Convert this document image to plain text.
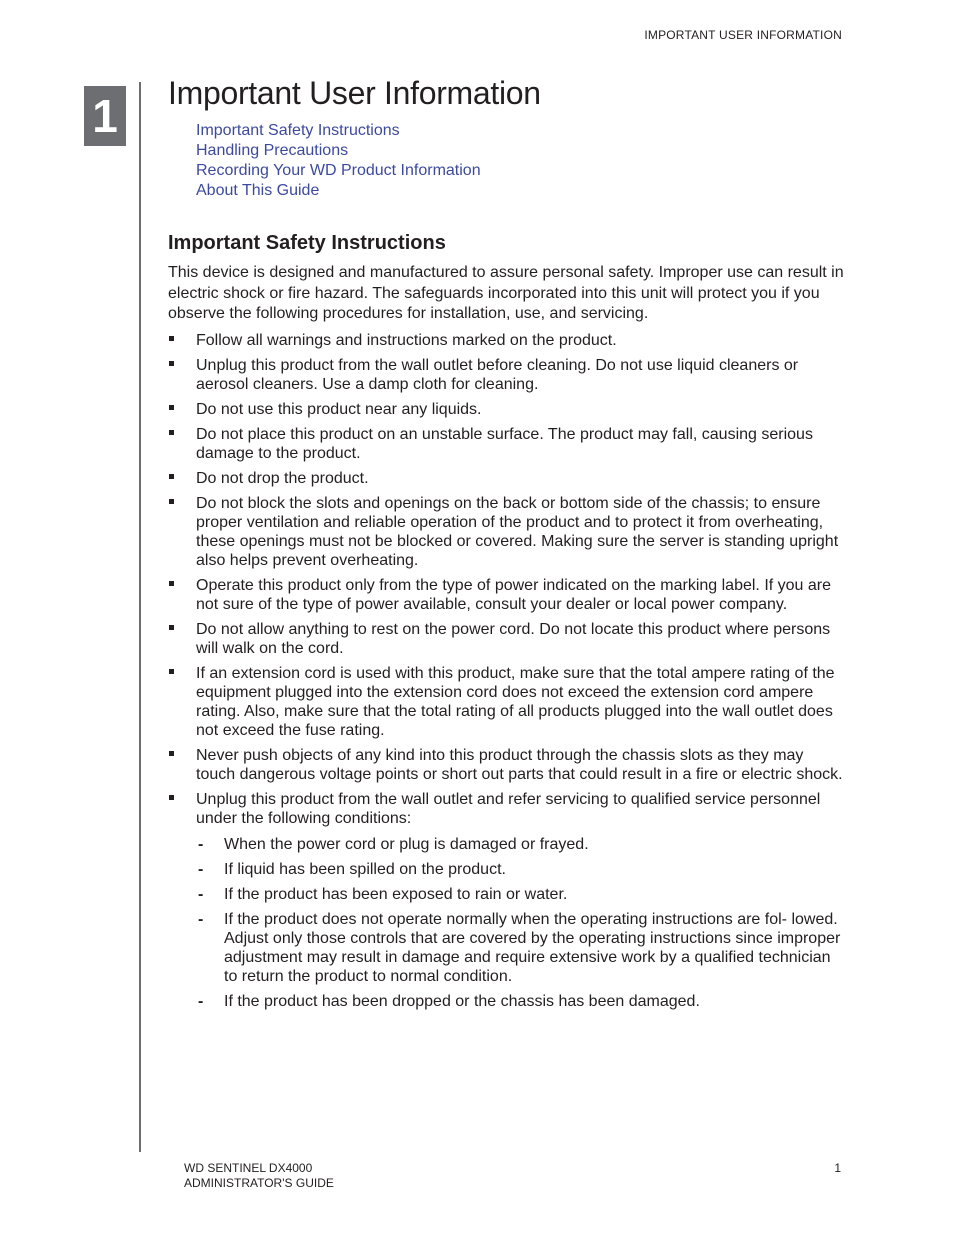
IMPORTANT USER INFORMATION
1 Important User Information
Important Safety Instructions
Handling Precautions
Recording Your WD Product Information
About This Guide
Important Safety Instructions

This device is designed and manufactured to assure personal safety. Improper use can result in electric shock or fire hazard. The safeguards incorporated into this unit will protect you if you observe the following procedures for installation, use, and servicing.

Follow all warnings and instructions marked on the product.
Unplug this product from the wall outlet before cleaning. Do not use liquid cleaners or aerosol cleaners. Use a damp cloth for cleaning.
Do not use this product near any liquids.
Do not place this product on an unstable surface. The product may fall, causing serious damage to the product.
Do not drop the product.
Do not block the slots and openings on the back or bottom side of the chassis; to ensure proper ventilation and reliable operation of the product and to protect it from overheating, these openings must not be blocked or covered. Making sure the server is standing upright also helps prevent overheating.
Operate this product only from the type of power indicated on the marking label. If you are not sure of the type of power available, consult your dealer or local power company.
Do not allow anything to rest on the power cord. Do not locate this product where persons will walk on the cord.
If an extension cord is used with this product, make sure that the total ampere rating of the equipment plugged into the extension cord does not exceed the extension cord ampere rating. Also, make sure that the total rating of all products plugged into the wall outlet does not exceed the fuse rating.
Never push objects of any kind into this product through the chassis slots as they may touch dangerous voltage points or short out parts that could result in a fire or electric shock.
Unplug this product from the wall outlet and refer servicing to qualified service personnel under the following conditions:
- When the power cord or plug is damaged or frayed.
- If liquid has been spilled on the product.
- If the product has been exposed to rain or water.
- If the product does not operate normally when the operating instructions are fol- lowed. Adjust only those controls that are covered by the operating instructions since improper adjustment may result in damage and require extensive work by a qualified technician to return the product to normal condition.
- If the product has been dropped or the chassis has been damaged.
WD SENTINEL DX4000
ADMINISTRATOR'S GUIDE
1
